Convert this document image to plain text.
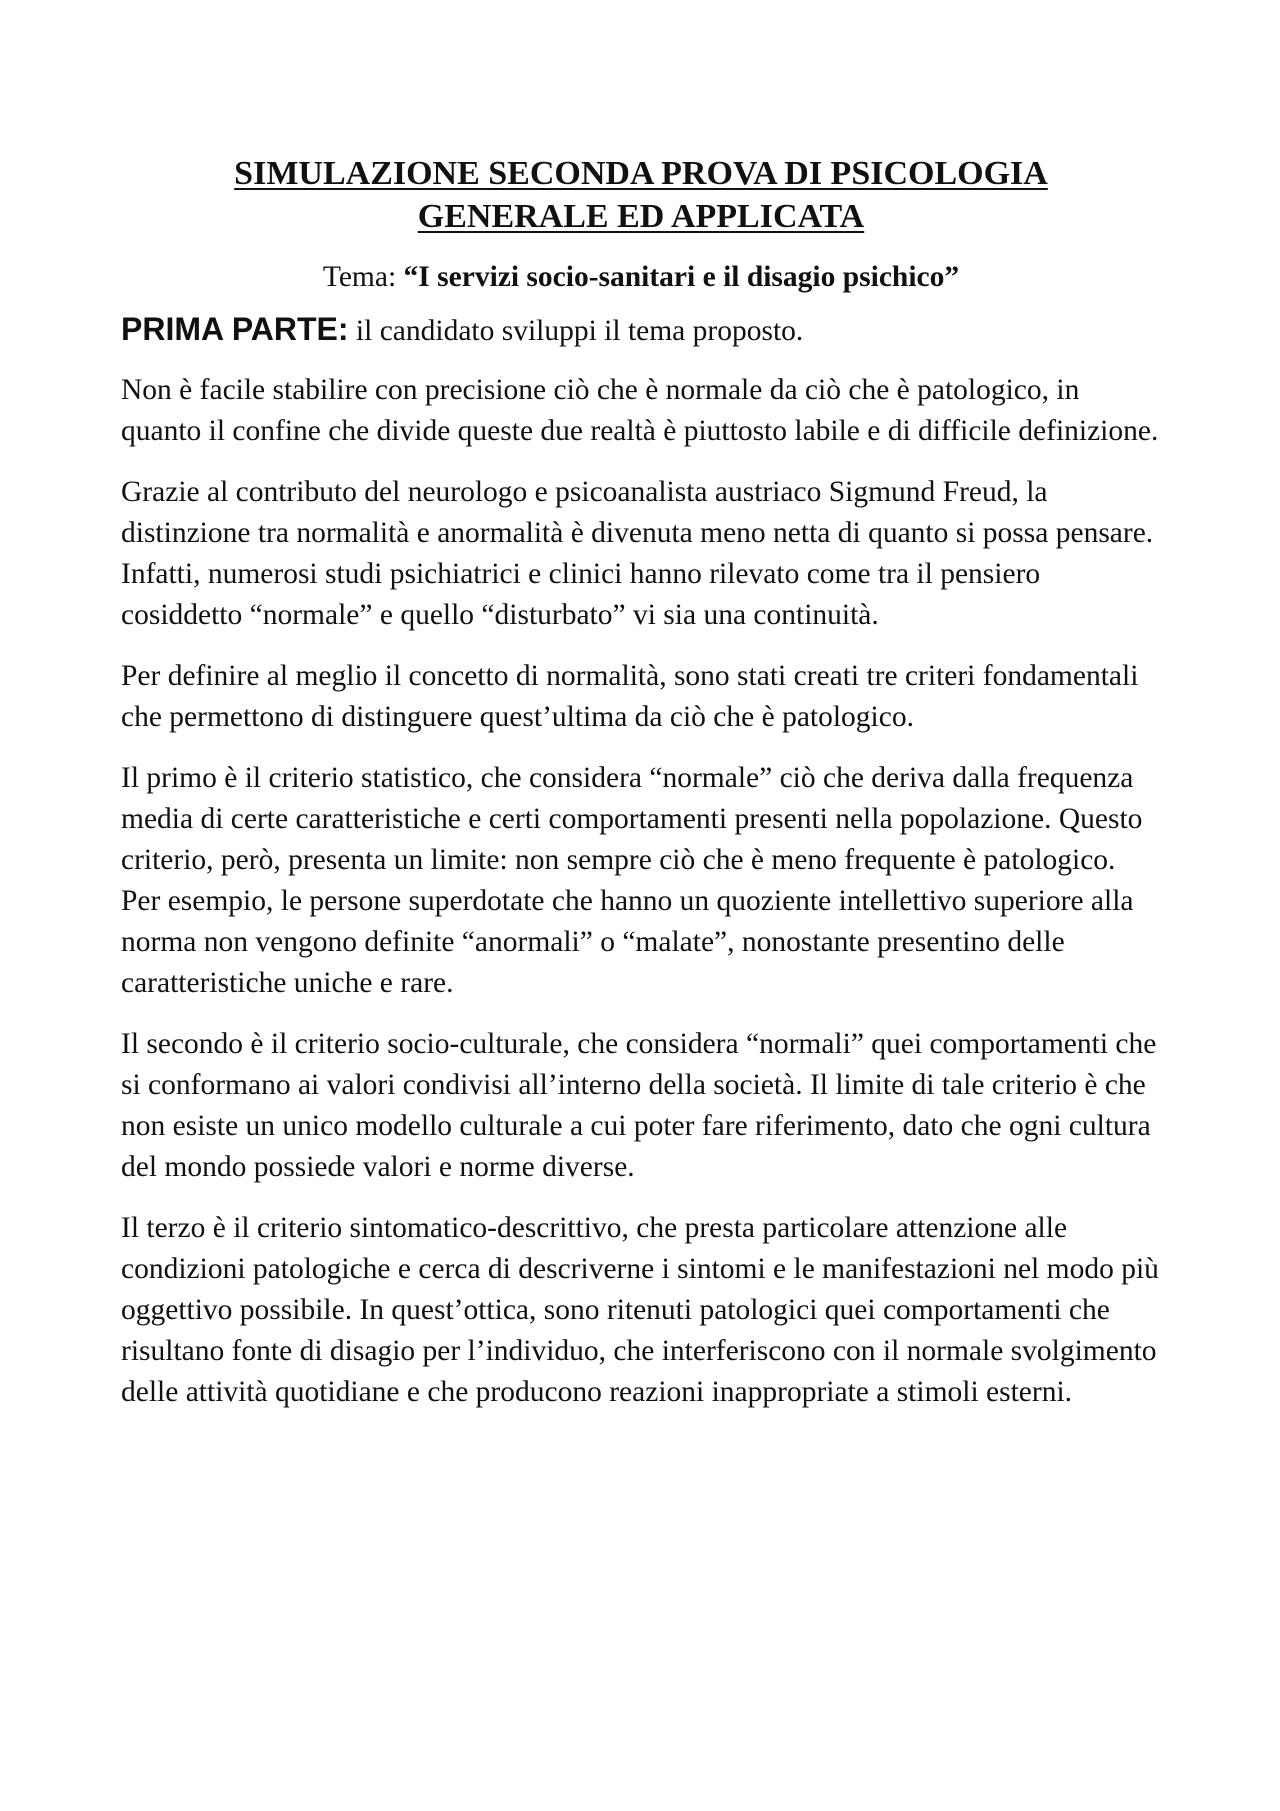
SIMULAZIONE SECONDA PROVA DI PSICOLOGIA
GENERALE ED APPLICATA

Tema: “I servizi socio-sanitari e il disagio psichico”

PRIMA PARTE: il candidato sviluppi il tema proposto.

Non è facile stabilire con precisione ciò che è normale da ciò che è patologico, in quanto il confine che divide queste due realtà è piuttosto labile e di difficile definizione.

Grazie al contributo del neurologo e psicoanalista austriaco Sigmund Freud, la distinzione tra normalità e anormalità è divenuta meno netta di quanto si possa pensare. Infatti, numerosi studi psichiatrici e clinici hanno rilevato come tra il pensiero cosiddetto “normale” e quello “disturbato” vi sia una continuità.

Per definire al meglio il concetto di normalità, sono stati creati tre criteri fondamentali che permettono di distinguere quest’ultima da ciò che è patologico.

Il primo è il criterio statistico, che considera “normale” ciò che deriva dalla frequenza media di certe caratteristiche e certi comportamenti presenti nella popolazione. Questo criterio, però, presenta un limite: non sempre ciò che è meno frequente è patologico. Per esempio, le persone superdotate che hanno un quoziente intellettivo superiore alla norma non vengono definite “anormali” o “malate”, nonostante presentino delle caratteristiche uniche e rare.

Il secondo è il criterio socio-culturale, che considera “normali” quei comportamenti che si conformano ai valori condivisi all’interno della società. Il limite di tale criterio è che non esiste un unico modello culturale a cui poter fare riferimento, dato che ogni cultura del mondo possiede valori e norme diverse.

Il terzo è il criterio sintomatico-descrittivo, che presta particolare attenzione alle condizioni patologiche e cerca di descriverne i sintomi e le manifestazioni nel modo più oggettivo possibile. In quest’ottica, sono ritenuti patologici quei comportamenti che risultano fonte di disagio per l’individuo, che interferiscono con il normale svolgimento delle attività quotidiane e che producono reazioni inappropriate a stimoli esterni.
